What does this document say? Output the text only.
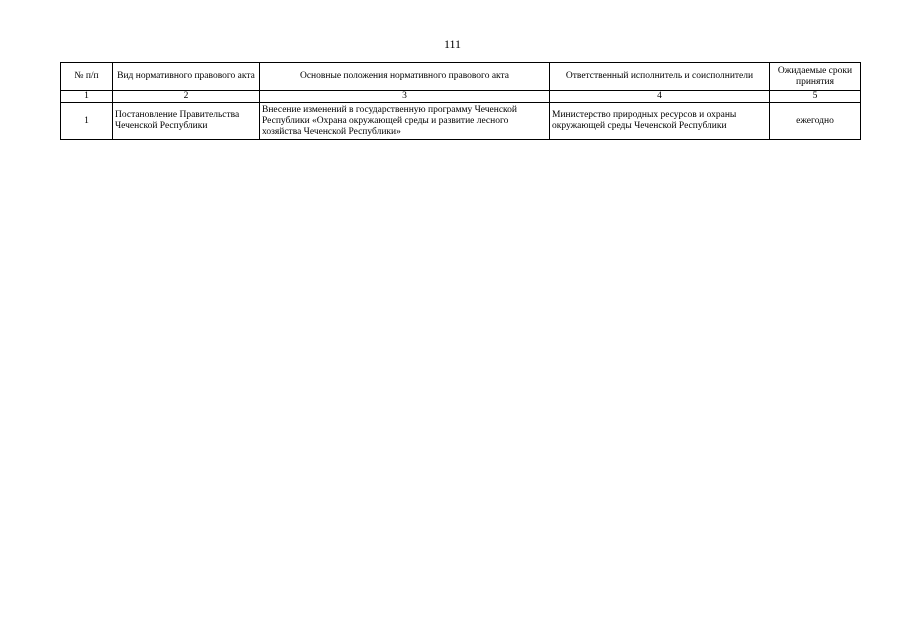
111
№ п/п	Вид нормативного правового акта	Основные положения нормативного правового акта	Ответственный исполнитель и соисполнители	Ожидаемые сроки принятия
1	2	3	4	5
1	Постановление Правительства Чеченской Республики	Внесение изменений в государственную программу Чеченской Республики «Охрана окружающей среды и развитие лесного хозяйства Чеченской Республики»	Министерство природных ресурсов и охраны окружающей среды Чеченской Республики	ежегодно
